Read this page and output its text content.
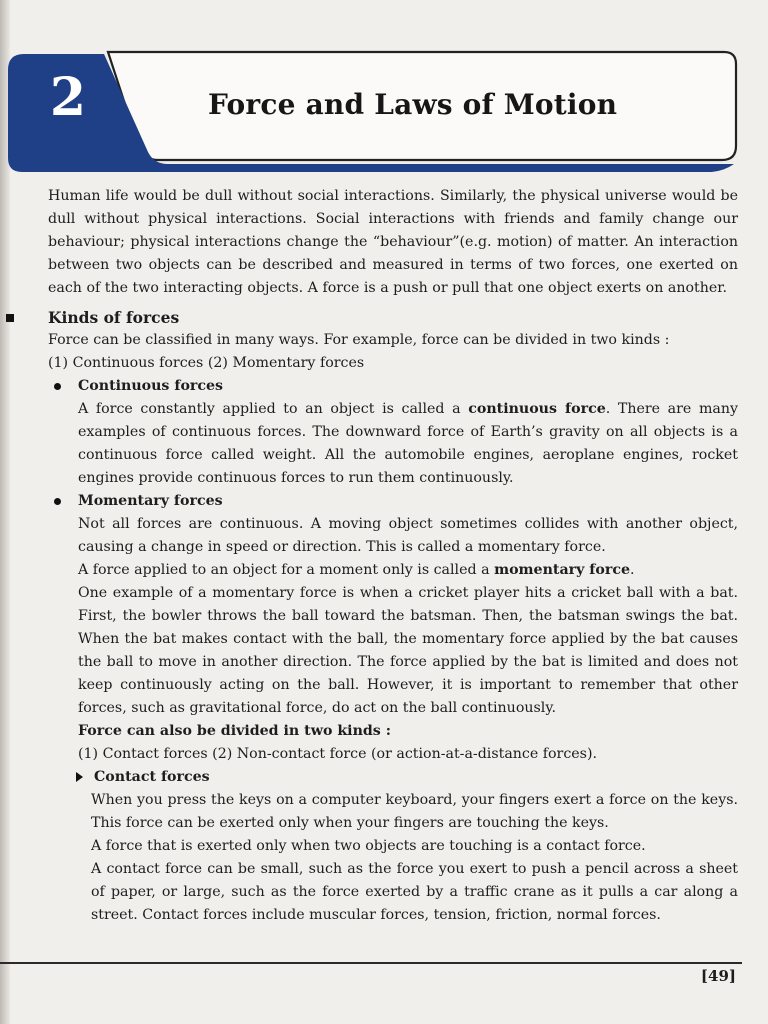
2	Force and Laws of Motion

Human life would be dull without social interactions. Similarly, the physical universe would be dull without physical interactions. Social interactions with friends and family change our behaviour; physical interactions change the “behaviour”(e.g. motion) of matter. An interaction between two objects can be described and measured in terms of two forces, one exerted on each of the two interacting objects. A force is a push or pull that one object exerts on another.

Kinds of forces

Force can be classified in many ways. For example, force can be divided in two kinds :

(1) Continuous forces (2) Momentary forces

Continuous forces

A force constantly applied to an object is called a continuous force. There are many examples of continuous forces. The downward force of Earth’s gravity on all objects is a continuous force called weight. All the automobile engines, aeroplane engines, rocket engines provide continuous forces to run them continuously.

Momentary forces

Not all forces are continuous. A moving object sometimes collides with another object, causing a change in speed or direction. This is called a momentary force.

A force applied to an object for a moment only is called a momentary force.

One example of a momentary force is when a cricket player hits a cricket ball with a bat. First, the bowler throws the ball toward the batsman. Then, the batsman swings the bat. When the bat makes contact with the ball, the momentary force applied by the bat causes the ball to move in another direction. The force applied by the bat is limited and does not keep continuously acting on the ball. However, it is important to remember that other forces, such as gravitational force, do act on the ball continuously.

Force can also be divided in two kinds :

(1) Contact forces (2) Non-contact force (or action-at-a-distance forces).

Contact forces

When you press the keys on a computer keyboard, your fingers exert a force on the keys. This force can be exerted only when your fingers are touching the keys.

A force that is exerted only when two objects are touching is a contact force.

A contact force can be small, such as the force you exert to push a pencil across a sheet of paper, or large, such as the force exerted by a traffic crane as it pulls a car along a street. Contact forces include muscular forces, tension, friction, normal forces.

[49]
